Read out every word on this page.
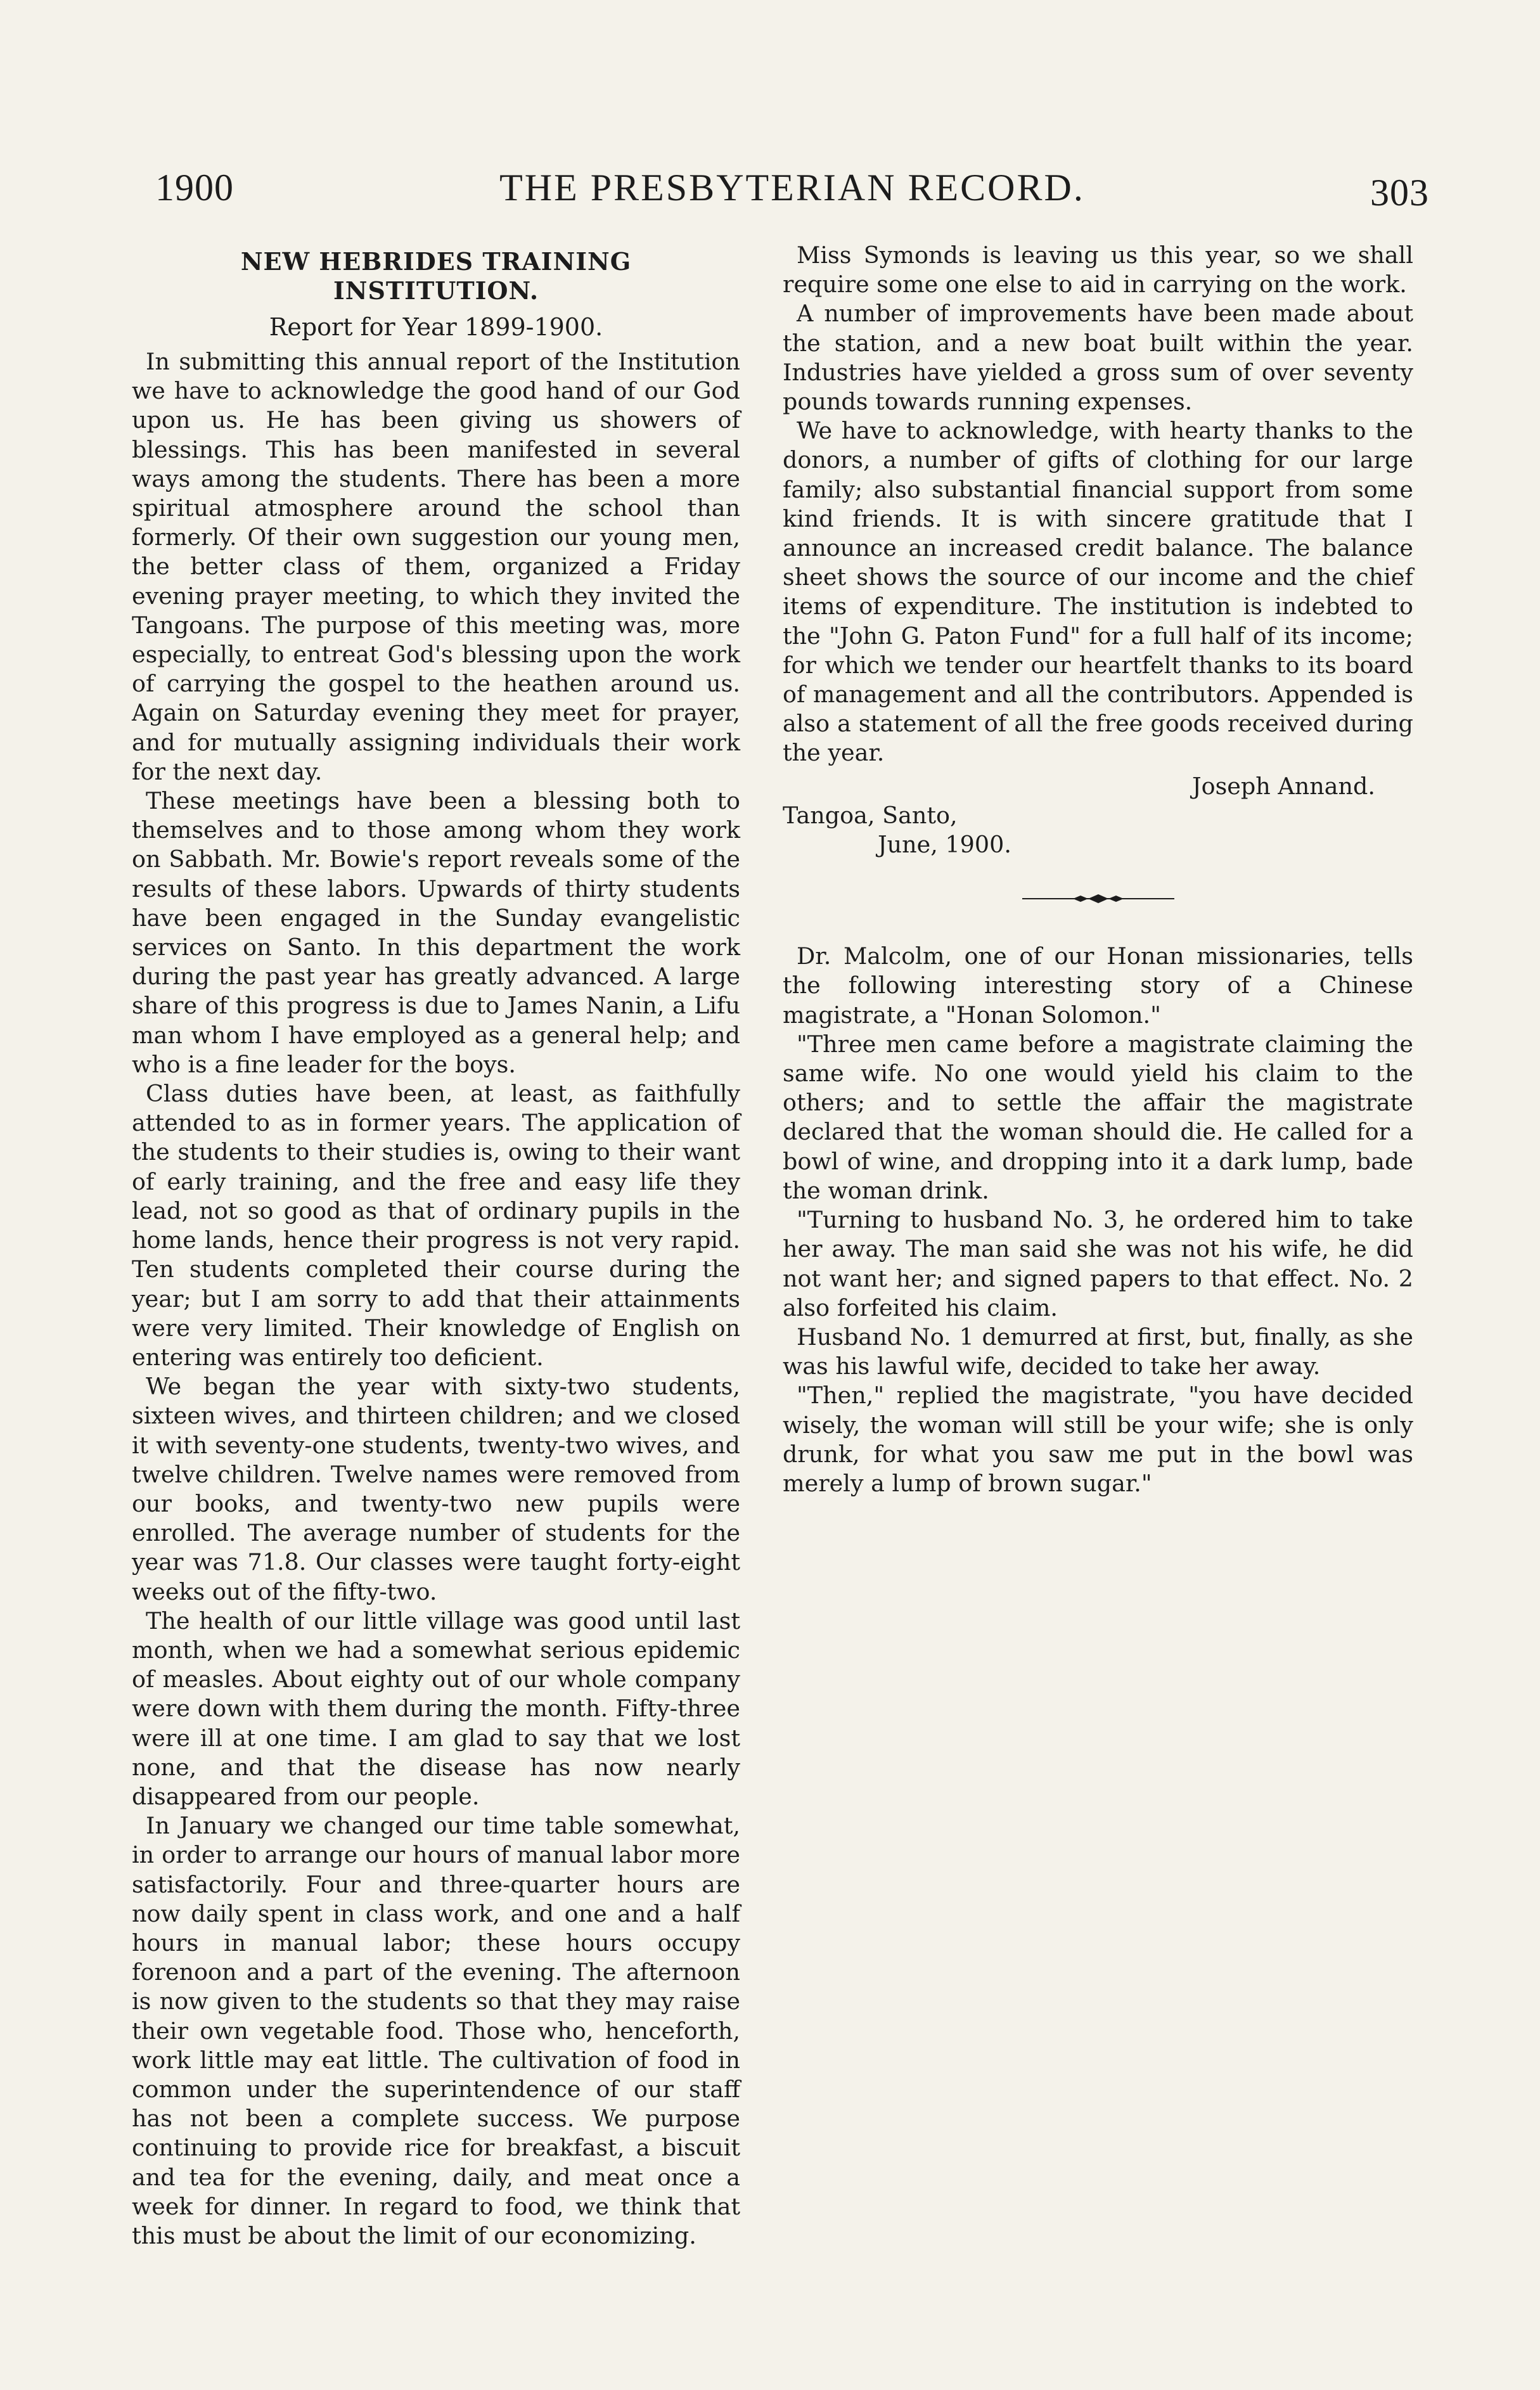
THE PRESBYTERIAN RECORD.
1900	303
NEW HEBRIDES TRAINING INSTITUTION.
Report for Year 1899-1900.

In submitting this annual report of the Institution we have to acknowledge the good hand of our God upon us. He has been giving us showers of blessings. This has been manifested in several ways among the students. There has been a more spiritual atmosphere around the school than formerly. Of their own suggestion our young men, the better class of them, organized a Friday evening prayer meeting, to which they invited the Tangoans. The purpose of this meeting was, more especially, to entreat God's blessing upon the work of carrying the gospel to the heathen around us. Again on Saturday evening they meet for prayer, and for mutually assigning individuals their work for the next day.

These meetings have been a blessing both to themselves and to those among whom they work on Sabbath. Mr. Bowie's report reveals some of the results of these labors. Upwards of thirty students have been engaged in the Sunday evangelistic services on Santo. In this department the work during the past year has greatly advanced. A large share of this progress is due to James Nanin, a Lifu man whom I have employed as a general help; and who is a fine leader for the boys.

Class duties have been, at least, as faithfully attended to as in former years. The application of the students to their studies is, owing to their want of early training, and the free and easy life they lead, not so good as that of ordinary pupils in the home lands, hence their progress is not very rapid. Ten students completed their course during the year; but I am sorry to add that their attainments were very limited. Their knowledge of English on entering was entirely too deficient.

We began the year with sixty-two students, sixteen wives, and thirteen children; and we closed it with seventy-one students, twenty-two wives, and twelve children. Twelve names were removed from our books, and twenty-two new pupils were enrolled. The average number of students for the year was 71.8. Our classes were taught forty-eight weeks out of the fifty-two.

The health of our little village was good until last month, when we had a somewhat serious epidemic of measles. About eighty out of our whole company were down with them during the month. Fifty-three were ill at one time. I am glad to say that we lost none, and that the disease has now nearly disappeared from our people.

In January we changed our time table somewhat, in order to arrange our hours of manual labor more satisfactorily. Four and three-quarter hours are now daily spent in class work, and one and a half hours in manual labor; these hours occupy forenoon and a part of the evening. The afternoon is now given to the students so that they may raise their own vegetable food. Those who, henceforth, work little may eat little. The cultivation of food in common under the superintendence of our staff has not been a complete success. We purpose continuing to provide rice for breakfast, a biscuit and tea for the evening, daily, and meat once a week for dinner. In regard to food, we think that this must be about the limit of our economizing.

Miss Symonds is leaving us this year, so we shall require some one else to aid in carrying on the work.

A number of improvements have been made about the station, and a new boat built within the year. Industries have yielded a gross sum of over seventy pounds towards running expenses.

We have to acknowledge, with hearty thanks to the donors, a number of gifts of clothing for our large family; also substantial financial support from some kind friends. It is with sincere gratitude that I announce an increased credit balance. The balance sheet shows the source of our income and the chief items of expenditure. The institution is indebted to the "John G. Paton Fund" for a full half of its income; for which we tender our heartfelt thanks to its board of management and all the contributors. Appended is also a statement of all the free goods received during the year.

Joseph Annand.

Tangoa, Santo,

June, 1900.

Dr. Malcolm, one of our Honan missionaries, tells the following interesting story of a Chinese magistrate, a "Honan Solomon."

"Three men came before a magistrate claiming the same wife. No one would yield his claim to the others; and to settle the affair the magistrate declared that the woman should die. He called for a bowl of wine, and dropping into it a dark lump, bade the woman drink.

"Turning to husband No. 3, he ordered him to take her away. The man said she was not his wife, he did not want her; and signed papers to that effect. No. 2 also forfeited his claim.

Husband No. 1 demurred at first, but, finally, as she was his lawful wife, decided to take her away.

"Then," replied the magistrate, "you have decided wisely, the woman will still be your wife; she is only drunk, for what you saw me put in the bowl was merely a lump of brown sugar."
